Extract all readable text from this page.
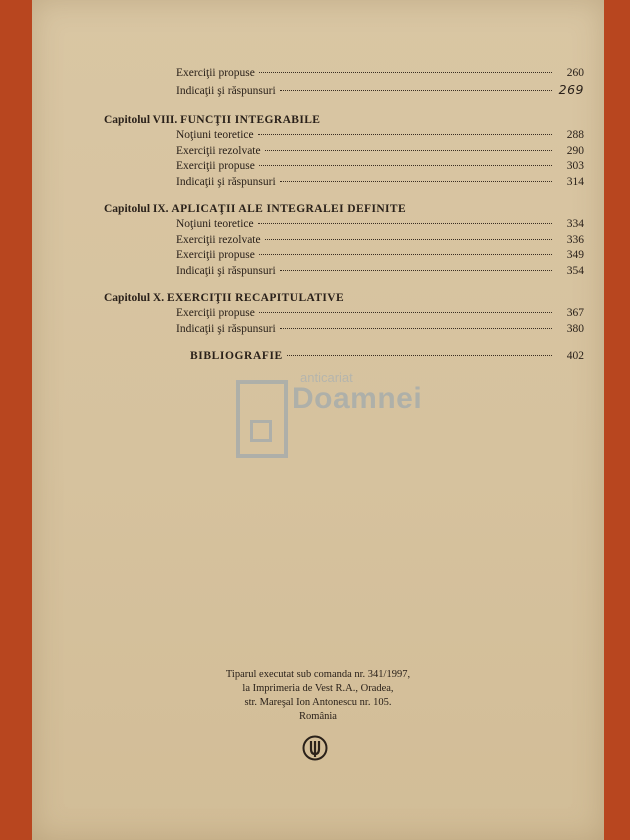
Exerciţii propuse	260
Indicaţii şi răspunsuri	269
Capitolul VIII. FUNCŢII INTEGRABILE
Noţiuni teoretice	288
Exerciţii rezolvate	290
Exerciţii propuse	303
Indicaţii şi răspunsuri	314
Capitolul IX. APLICAŢII ALE INTEGRALEI DEFINITE
Noţiuni teoretice	334
Exerciţii rezolvate	336
Exerciţii propuse	349
Indicaţii şi răspunsuri	354
Capitolul X. EXERCIŢII RECAPITULATIVE
Exerciţii propuse	367
Indicaţii şi răspunsuri	380
BIBLIOGRAFIE	402
anticariat
Doamnei
Tiparul executat sub comanda nr. 341/1997,
la Imprimeria de Vest R.A., Oradea,
str. Mareşal Ion Antonescu nr. 105.
România
